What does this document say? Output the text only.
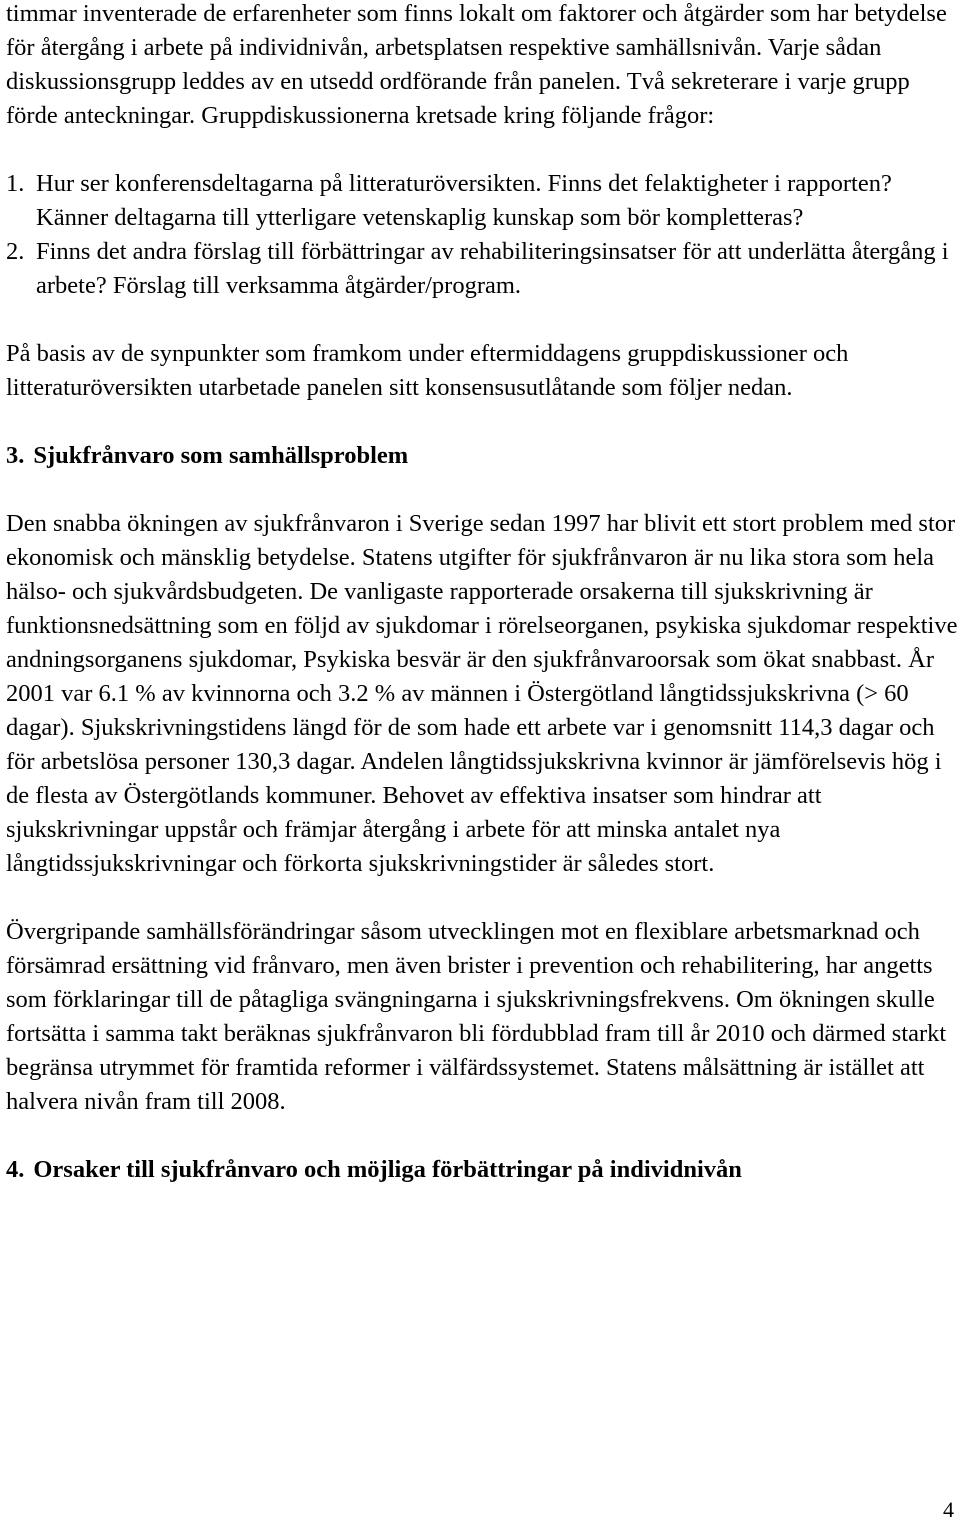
timmar inventerade de erfarenheter som finns lokalt om faktorer och åtgärder som har betydelse för återgång i arbete på individnivån, arbetsplatsen respektive samhällsnivån. Varje sådan diskussionsgrupp leddes av en utsedd ordförande från panelen. Två sekreterare i varje grupp förde anteckningar. Gruppdiskussionerna kretsade kring följande frågor:

1. Hur ser konferensdeltagarna på litteraturöversikten. Finns det felaktigheter i rapporten? Känner deltagarna till ytterligare vetenskaplig kunskap som bör kompletteras?
2. Finns det andra förslag till förbättringar av rehabiliteringsinsatser för att underlätta återgång i arbete? Förslag till verksamma åtgärder/program.

På basis av de synpunkter som framkom under eftermiddagens gruppdiskussioner och litteraturöversikten utarbetade panelen sitt konsensusutlåtande som följer nedan.

3. Sjukfrånvaro som samhällsproblem

Den snabba ökningen av sjukfrånvaron i Sverige sedan 1997 har blivit ett stort problem med stor ekonomisk och mänsklig betydelse. Statens utgifter för sjukfrånvaron är nu lika stora som hela hälso- och sjukvårdsbudgeten. De vanligaste rapporterade orsakerna till sjukskrivning är funktionsnedsättning som en följd av sjukdomar i rörelseorganen, psykiska sjukdomar respektive andningsorganens sjukdomar, Psykiska besvär är den sjukfrånvaroorsak som ökat snabbast. År 2001 var 6.1 % av kvinnorna och 3.2 % av männen i Östergötland långtidssjukskrivna (> 60 dagar). Sjukskrivningstidens längd för de som hade ett arbete var i genomsnitt 114,3 dagar och för arbetslösa personer 130,3 dagar. Andelen långtidssjukskrivna kvinnor är jämförelsevis hög i de flesta av Östergötlands kommuner. Behovet av effektiva insatser som hindrar att sjukskrivningar uppstår och främjar återgång i arbete för att minska antalet nya långtidssjukskrivningar och förkorta sjukskrivningstider är således stort.

Övergripande samhällsförändringar såsom utvecklingen mot en flexiblare arbetsmarknad och försämrad ersättning vid frånvaro, men även brister i prevention och rehabilitering, har angetts som förklaringar till de påtagliga svängningarna i sjukskrivningsfrekvens. Om ökningen skulle fortsätta i samma takt beräknas sjukfrånvaron bli fördubblad fram till år 2010 och därmed starkt begränsa utrymmet för framtida reformer i välfärdssystemet. Statens målsättning är istället att halvera nivån fram till 2008.

4. Orsaker till sjukfrånvaro och möjliga förbättringar på individnivån

4
